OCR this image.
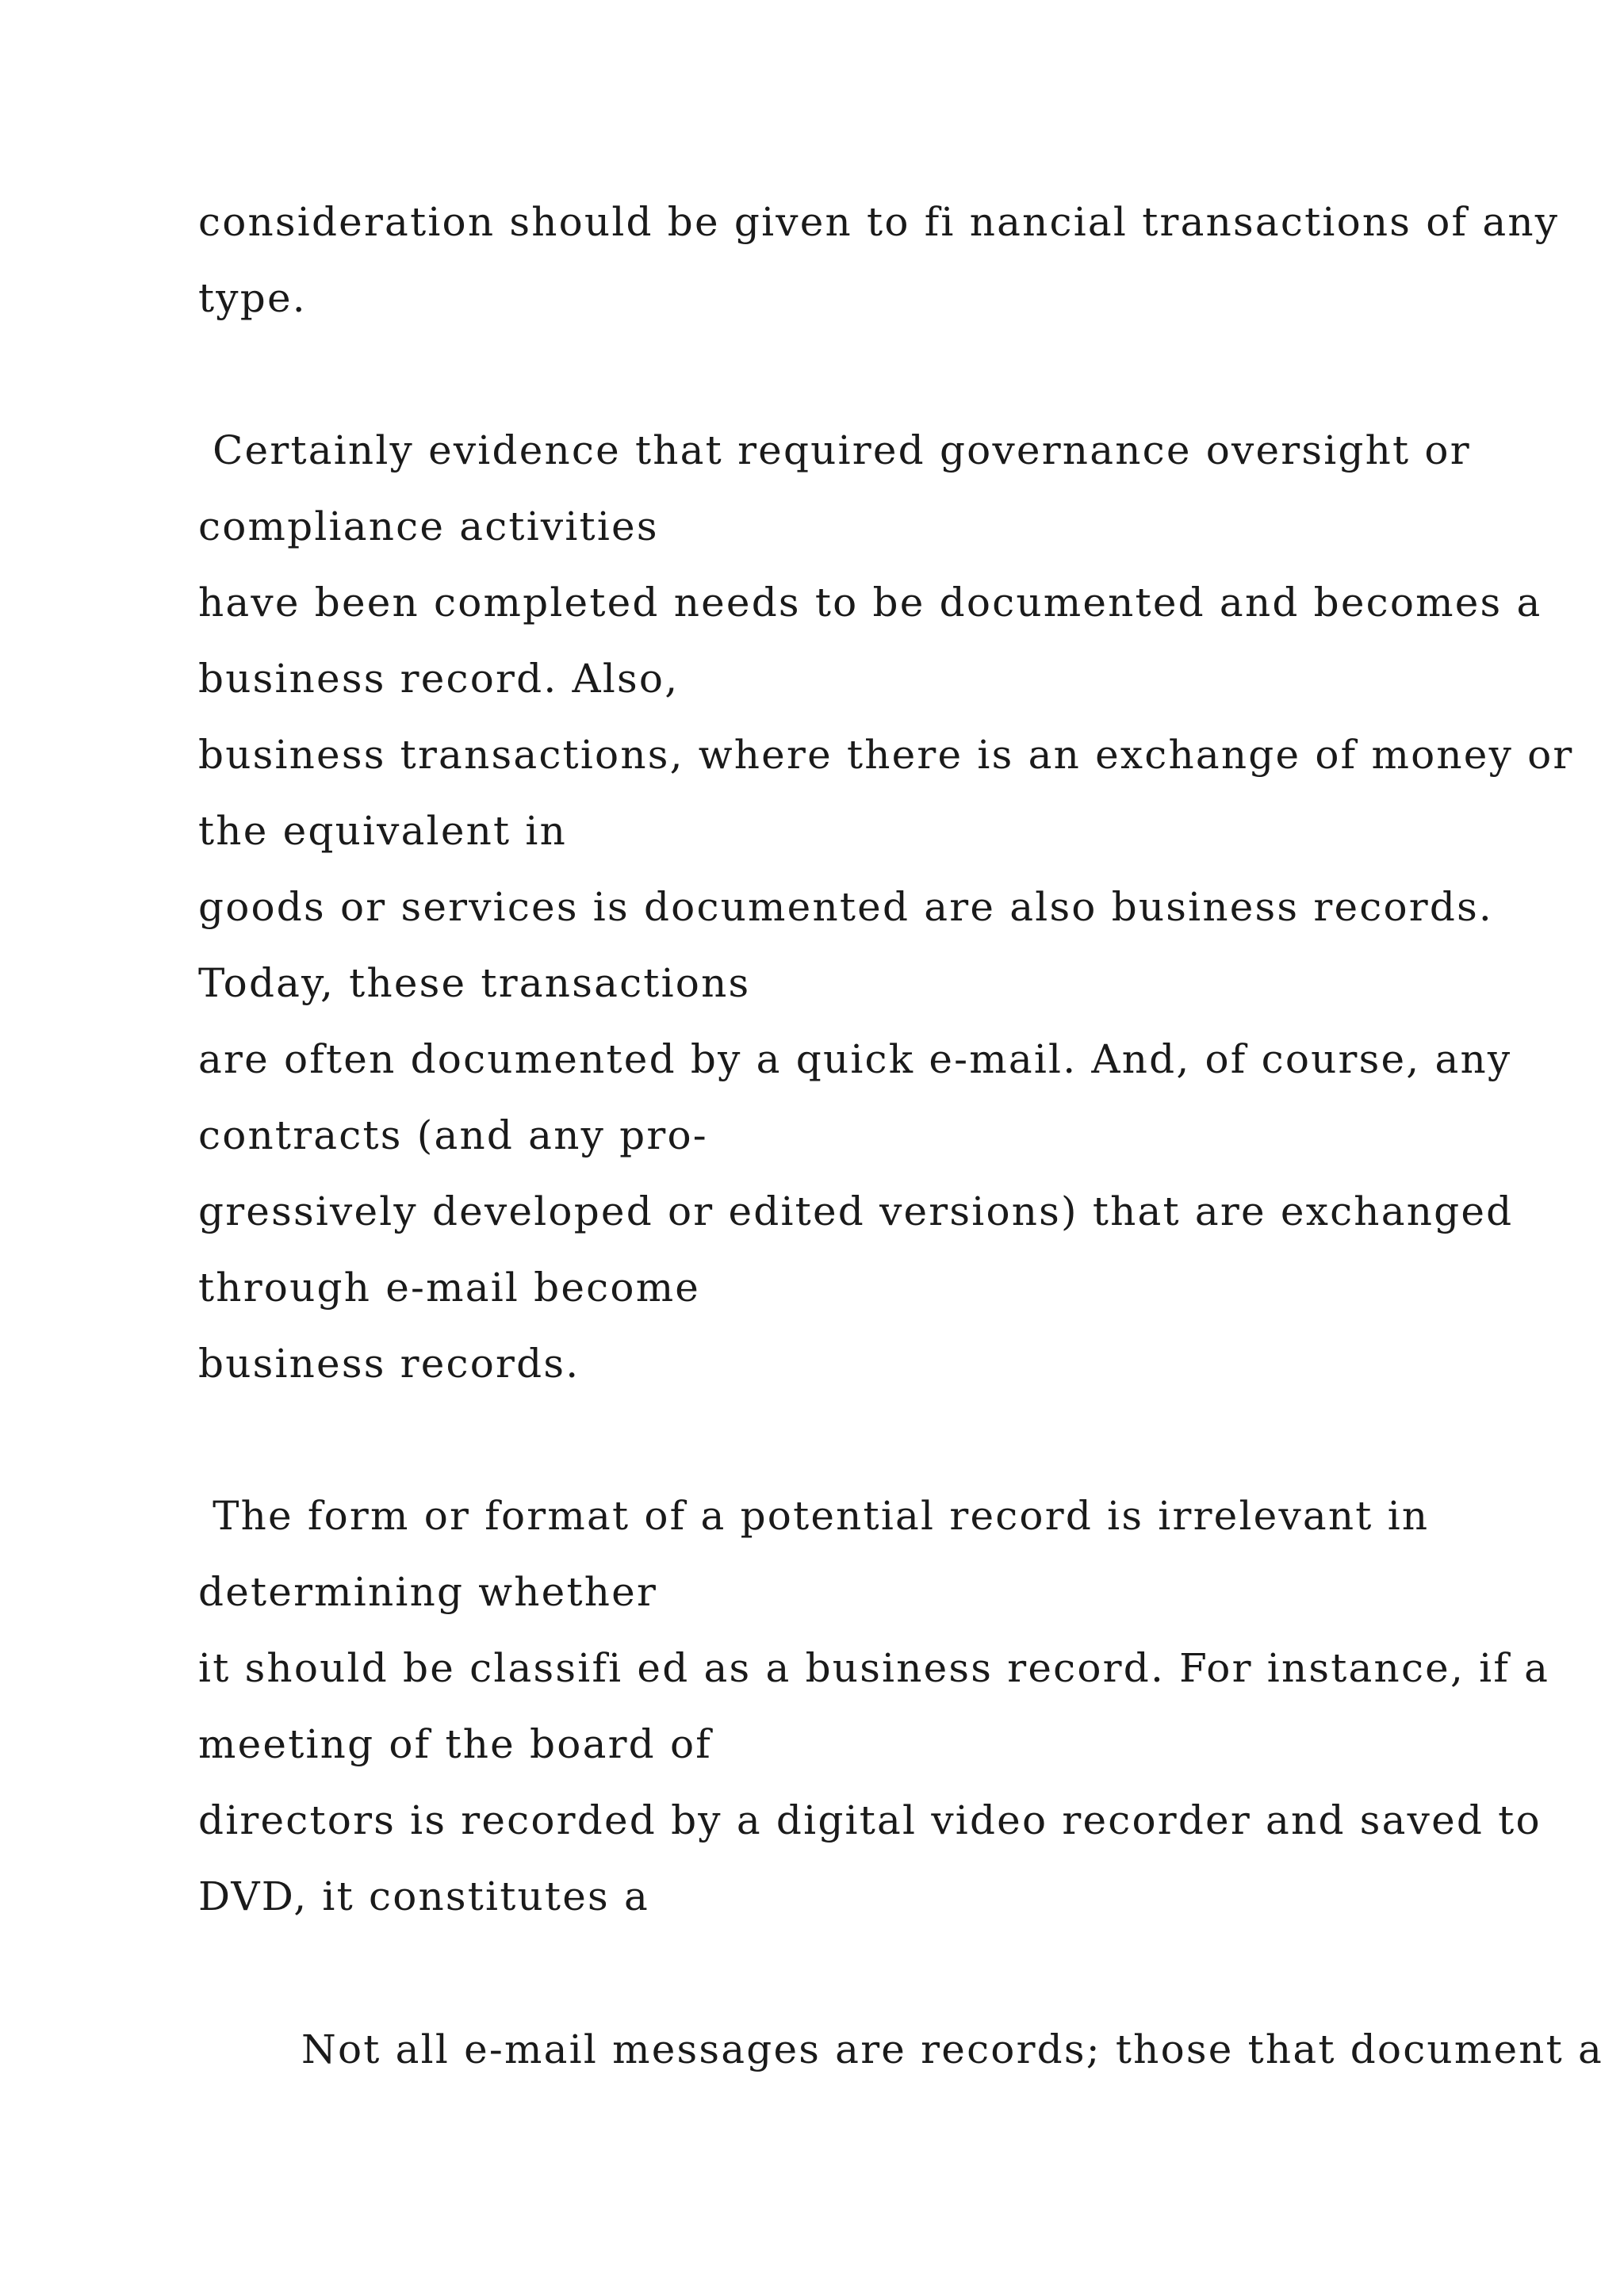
consideration should be given to fi nancial transactions of any

type.

Certainly evidence that required governance oversight or

compliance activities

have been completed needs to be documented and becomes a

business record. Also,

business transactions, where there is an exchange of money or

the equivalent in

goods or services is documented are also business records.

Today, these transactions

are often documented by a quick e-mail. And, of course, any

contracts (and any pro-

gressively developed or edited versions) that are exchanged

through e-mail become

business records.

The form or format of a potential record is irrelevant in

determining whether

it should be classifi ed as a business record. For instance, if a

meeting of the board of

directors is recorded by a digital video recorder and saved to

DVD, it constitutes a

Not all e-mail messages are records; those that document a
